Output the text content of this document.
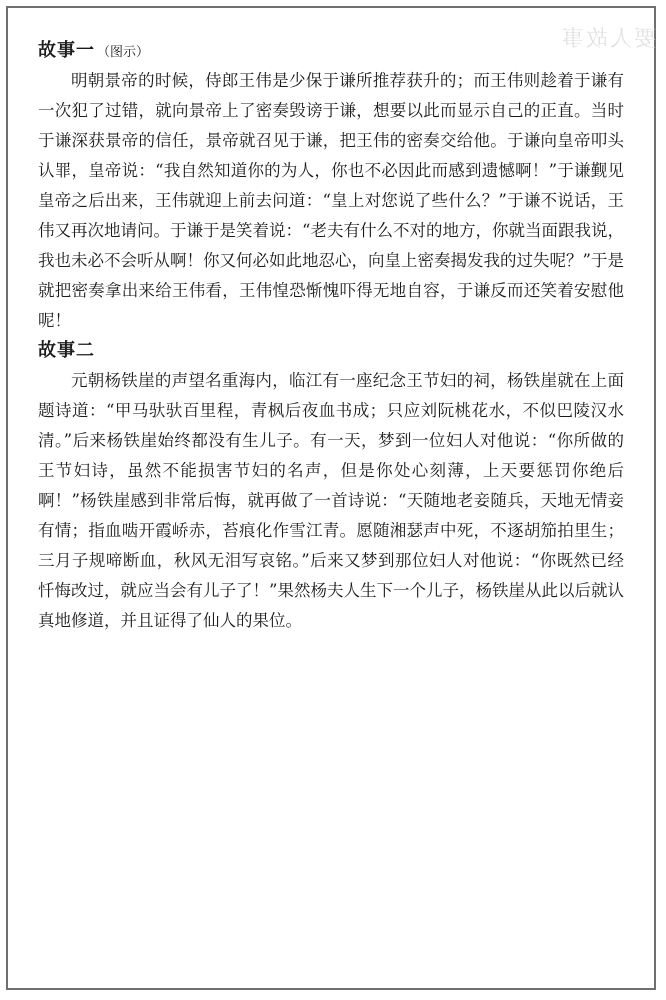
要人故事
故事一 （图示）

明朝景帝的时候，侍郎王伟是少保于谦所推荐获升的；而王伟则趁着于谦有一次犯了过错，就向景帝上了密奏毁谤于谦，想要以此而显示自己的正直。当时于谦深获景帝的信任，景帝就召见于谦，把王伟的密奏交给他。于谦向皇帝叩头认罪，皇帝说：“我自然知道你的为人，你也不必因此而感到遗憾啊！”于谦觐见皇帝之后出来，王伟就迎上前去问道：“皇上对您说了些什么？”于谦不说话，王伟又再次地请问。于谦于是笑着说：“老夫有什么不对的地方，你就当面跟我说，我也未必不会听从啊！你又何必如此地忍心，向皇上密奏揭发我的过失呢？”于是就把密奏拿出来给王伟看，王伟惶恐惭愧吓得无地自容，于谦反而还笑着安慰他呢！

故事二

元朝杨铁崖的声望名重海内，临江有一座纪念王节妇的祠，杨铁崖就在上面题诗道：“甲马驮驮百里程，青枫后夜血书成；只应刘阮桃花水，不似巴陵汉水清。”后来杨铁崖始终都没有生儿子。有一天，梦到一位妇人对他说：“你所做的王节妇诗，虽然不能损害节妇的名声，但是你处心刻薄，上天要惩罚你绝后啊！”杨铁崖感到非常后悔，就再做了一首诗说：“天随地老妾随兵，天地无情妾有情；指血啮开霞峤赤，苔痕化作雪江青。愿随湘瑟声中死，不逐胡笳拍里生；三月子规啼断血，秋风无泪写哀铭。”后来又梦到那位妇人对他说：“你既然已经忏悔改过，就应当会有儿子了！”果然杨夫人生下一个儿子，杨铁崖从此以后就认真地修道，并且证得了仙人的果位。
